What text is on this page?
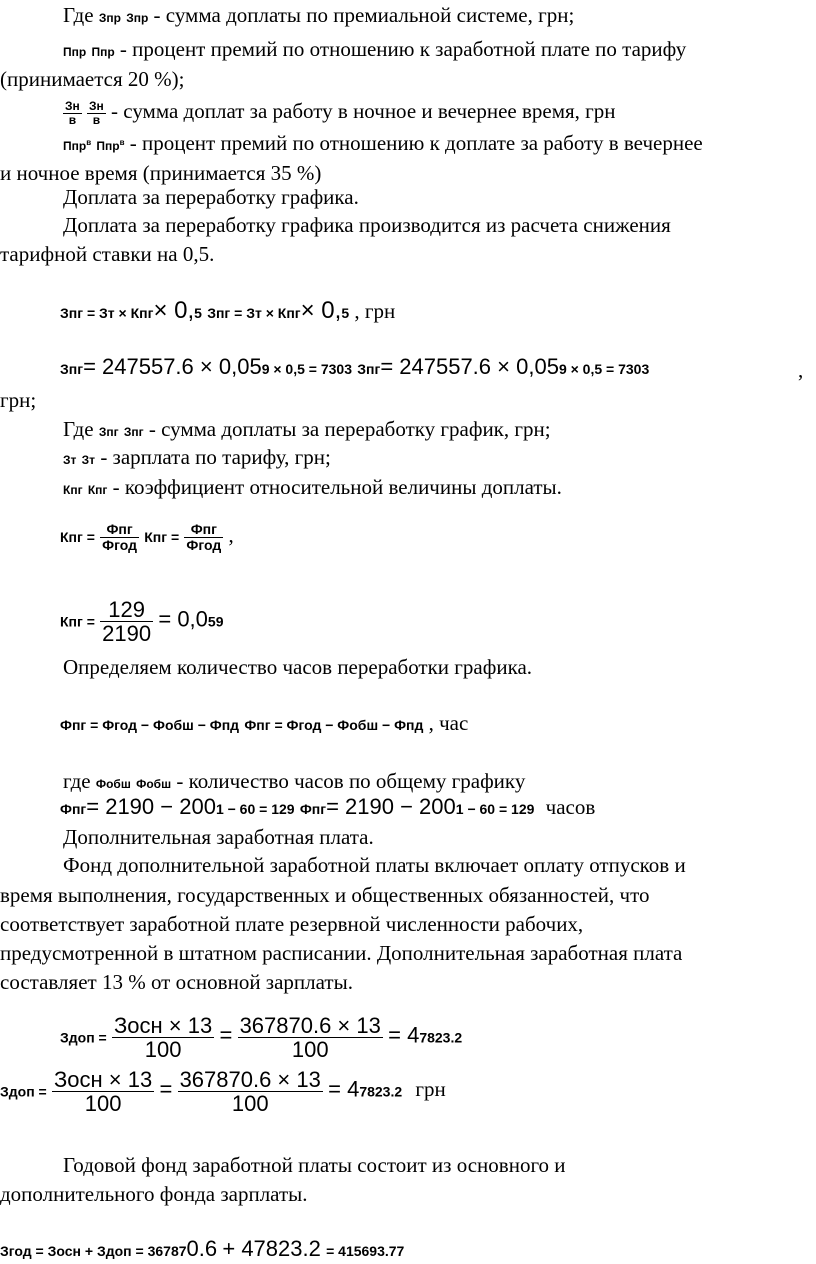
Где Зпр Зпр - сумма доплаты по премиальной системе, грн;
Ппр Ппр - процент премий по отношению к заработной плате по тарифу
(принимается 20 %);
$\frac{Зн}{в}$
$\frac{Зн}{в}$ - сумма доплат за работу в ночное и вечернее время, грн
Ппр$^в$ Ппр$^в$ - процент премий по отношению к доплате за работу в вечернее
и ночное время (принимается 35 %)
Доплата за переработку графика.
Доплата за переработку графика производится из расчета снижения
тарифной ставки на 0,5.
Зпг = Зт × Кпг× 0,5 Зпг = Зт × Кпг× 0,5 , грн
Зпг= 247557.6 × 0,059 × 0,5 = 7303 Зпг= 247557.6 × 0,059 × 0,5 = 7303	,
грн;
Где Зпг Зпг - сумма доплаты за переработку график, грн;
Зт Зт - зарплата по тарифу, грн;
Кпг Кпг - коэффициент относительной величины доплаты.
Кпг = $\frac{\text{Фпг}}{\text{Фгод}}$ Кпг = $\frac{\text{Фпг}}{\text{Фгод}}$ ,
Кпг = $\frac{129}{2190} = 0,059$
Определяем количество часов переработки графика.
Фпг = Фгод − Фобш − Фпд Фпг = Фгод − Фобш − Фпд , час
где Фобш Фобш - количество часов по общему графику
Фпг= 2190 − 2001 − 60 = 129 Фпг= 2190 − 2001 − 60 = 129 часов
Дополнительная заработная плата.
Фонд дополнительной заработной платы включает оплату отпусков и
время выполнения, государственных и общественных обязанностей, что
соответствует заработной плате резервной численности рабочих,
предусмотренной в штатном расписании. Дополнительная заработная плата
составляет 13 % от основной зарплаты.
Здоп = $\frac{\text{Зосн × 13}}{100} = \frac{367870.6 \times 13}{100} = 47823.2$
Здоп = $\frac{\text{Зосн × 13}}{100} = \frac{367870.6 \times 13}{100} = 47823.2$ грн
Годовой фонд заработной платы состоит из основного и
дополнительного фонда зарплаты.
Згод = Зосн + Здоп = 367870.6 + 47823.2 = 415693.77
